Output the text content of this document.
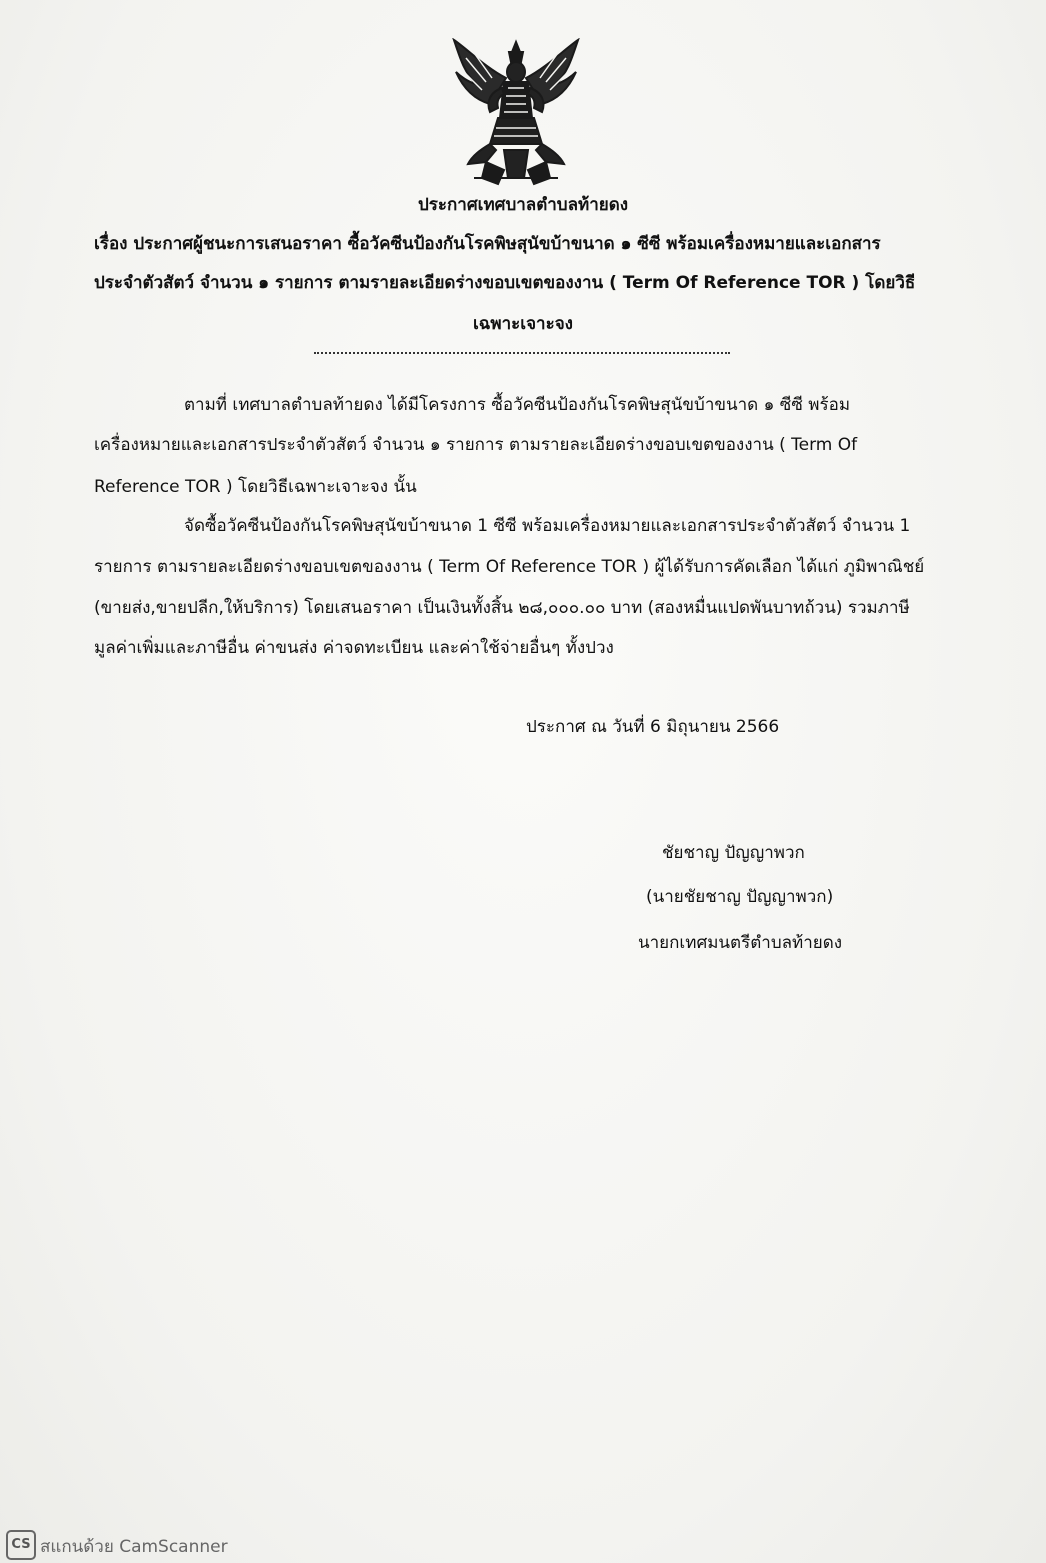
ประกาศเทศบาลตำบลท้ายดง
เรื่อง ประกาศผู้ชนะการเสนอราคา ซื้อวัคซีนป้องกันโรคพิษสุนัขบ้าขนาด ๑ ซีซี พร้อมเครื่องหมายและเอกสาร
ประจำตัวสัตว์ จำนวน ๑ รายการ ตามรายละเอียดร่างขอบเขตของงาน ( Term Of Reference TOR ) โดยวิธี
เฉพาะเจาะจง
ตามที่ เทศบาลตำบลท้ายดง ได้มีโครงการ ซื้อวัคซีนป้องกันโรคพิษสุนัขบ้าขนาด ๑ ซีซี พร้อม
เครื่องหมายและเอกสารประจำตัวสัตว์ จำนวน ๑ รายการ ตามรายละเอียดร่างขอบเขตของงาน ( Term Of
Reference TOR ) โดยวิธีเฉพาะเจาะจง นั้น
จัดซื้อวัคซีนป้องกันโรคพิษสุนัขบ้าขนาด 1 ซีซี พร้อมเครื่องหมายและเอกสารประจำตัวสัตว์ จำนวน 1
รายการ ตามรายละเอียดร่างขอบเขตของงาน ( Term Of Reference TOR ) ผู้ได้รับการคัดเลือก ได้แก่ ภูมิพาณิชย์
(ขายส่ง,ขายปลีก,ให้บริการ) โดยเสนอราคา เป็นเงินทั้งสิ้น ๒๘,๐๐๐.๐๐ บาท (สองหมื่นแปดพันบาทถ้วน) รวมภาษี
มูลค่าเพิ่มและภาษีอื่น ค่าขนส่ง ค่าจดทะเบียน และค่าใช้จ่ายอื่นๆ ทั้งปวง
ประกาศ ณ วันที่ 6 มิถุนายน 2566
ชัยชาญ ปัญญาพวก
(นายชัยชาญ ปัญญาพวก)
นายกเทศมนตรีตำบลท้ายดง
CS สแกนด้วย CamScanner
